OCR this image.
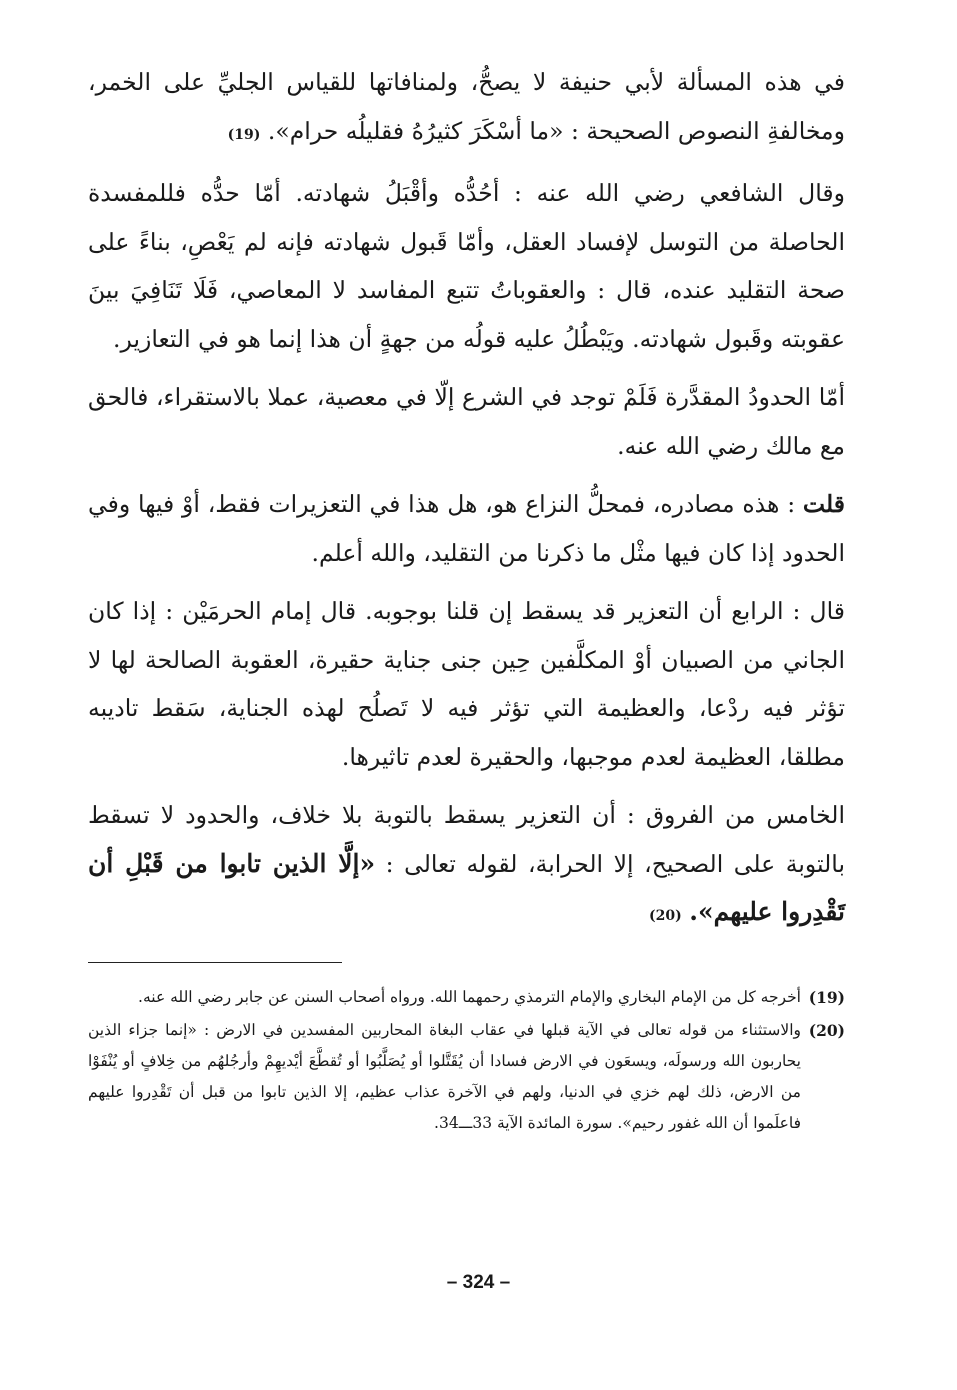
في هذه المسألة لأبي حنيفة لا يصحُّ، ولمنافاتها للقياس الجليِّ على الخمر، ومخالفةِ النصوص الصحيحة : «ما أسْكَرَ كثيرُهُ فقليلُه حرام». (19)

وقال الشافعي رضي الله عنه : أحُدُّه وأقْبَلُ شهادته. أمّا حدُّه فللمفسدة الحاصلة من التوسل لإفساد العقل، وأمّا قَبول شهادته فإنه لم يَعْصِ، بناءً على صحة التقليد عنده، قال : والعقوباتُ تتبع المفاسد لا المعاصي، فَلَا تَنَافِيَ بينَ عقوبته وقَبول شهادته. ويَبْطُلُ عليه قولُه من جهةٍ أن هذا إنما هو في التعازير.

أمّا الحدودُ المقدَّرة فَلَمْ توجد في الشرع إلّا في معصية، عملا بالاستقراء، فالحق مع مالك رضي الله عنه.

قلت : هذه مصادره، فمحلُّ النزاع هو، هل هذا في التعزيرات فقط، أوْ فيها وفي الحدود إذا كان فيها مثْل ما ذكرنا من التقليد، والله أعلم.

قال : الرابع أن التعزير قد يسقط إن قلنا بوجوبه. قال إمام الحرمَيْن : إذا كان الجاني من الصبيان أوْ المكلَّفين حِين جنى جناية حقيرة، العقوبة الصالحة لها لا تؤثر فيه ردْعا، والعظيمة التي تؤثر فيه لا تَصلُح لهذه الجناية، سَقط تاديبه مطلقا، العظيمة لعدم موجبها، والحقيرة لعدم تاثيرها.

الخامس من الفروق : أن التعزير يسقط بالتوبة بلا خلاف، والحدود لا تسقط بالتوبة على الصحيح، إلا الحرابة، لقوله تعالى : «إلَّا الذين تابوا من قَبْلِ أن تَقْدِروا عليهم». (20)

(19)
أخرجه كل من الإمام البخاري والإمام الترمذي رحمهما الله. ورواه أصحاب السنن عن جابر رضي الله عنه.
(20)
والاستثناء من قوله تعالى في الآية قبلها في عقاب البغاة المحاربين المفسدين في الارض : «إنما جزاء الذين يحاربون الله ورسولَه، ويسعَون في الارض فسادا أن يُقَتَّلوا أو يُصَلَّبُوا أو تُقطَّعَ أيْديهِمْ وأرجُلهُم من خِلافٍ أو يُنْفَوْا من الارض، ذلك لهم خزي في الدنيا، ولهم في الآخرة عذاب عظيم، إلا الذين تابوا من قبل أن تَقْدِروا عليهم فاعلَموا أن الله غفور رحيم». سورة المائدة الآية 33ـــ34.
– 324 –
